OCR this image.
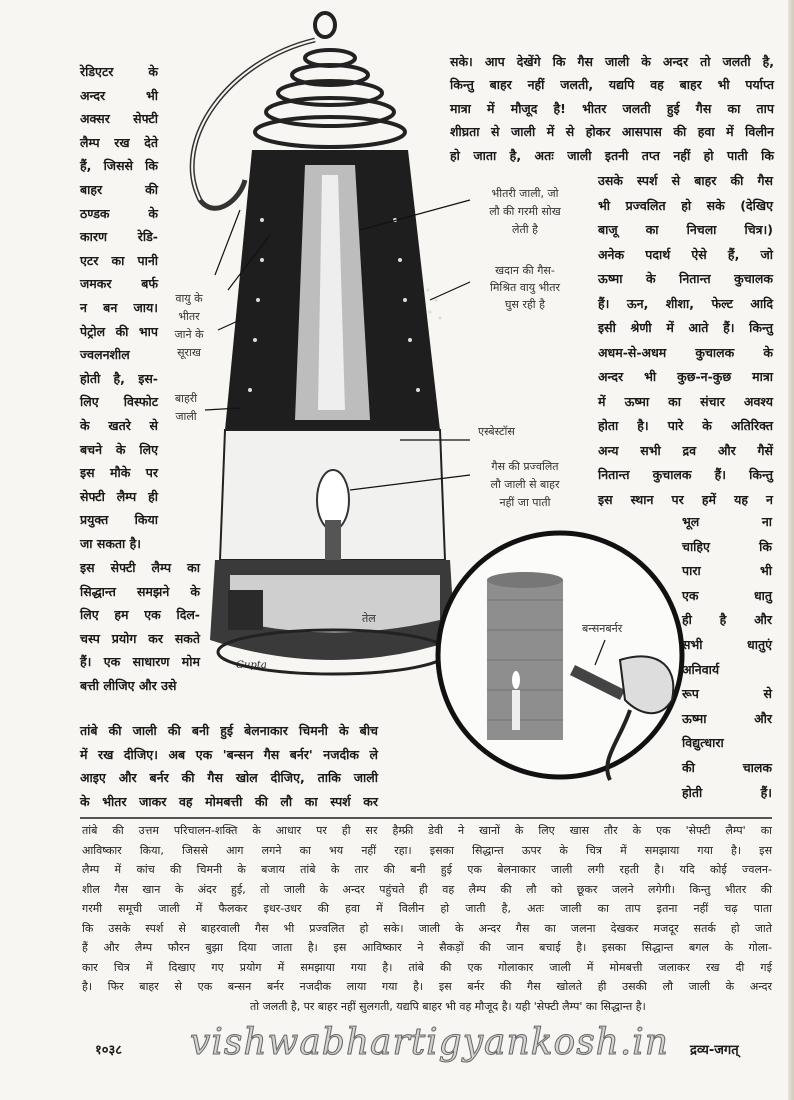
रेडिएटर के
अन्दर भी
अक्सर सेफ्टी
लैम्प रख देते
हैं, जिससे कि
बाहर की
ठण्डक के
कारण रेडि-
एटर का पानी
जमकर बर्फ
न बन जाय।
पेट्रोल की भाप
ज्वलनशील
होती है, इस-
लिए विस्फोट
के खतरे से
बचने के लिए
इस मौके पर
सेफ्टी लैम्प ही
प्रयुक्त किया
जा सकता है।
इस सेफ्टी लैम्प का
सिद्धान्त समझने के
लिए हम एक दिल-
चस्प प्रयोग कर सकते
हैं। एक साधारण मोम
बत्ती लीजिए और उसे
तांबे की जाली की बनी हुई बेलनाकार चिमनी के बीच
में रख दीजिए। अब एक 'बन्सन गैस बर्नर' नजदीक ले
आइए और बर्नर की गैस खोल दीजिए, ताकि जाली
के भीतर जाकर वह मोमबत्ती की लौ का स्पर्श कर
सके। आप देखेंगे कि गैस जाली के अन्दर तो जलती है,
किन्तु बाहर नहीं जलती, यद्यपि वह बाहर भी पर्याप्त
मात्रा में मौजूद है! भीतर जलती हुई गैस का ताप
शीघ्रता से जाली में से होकर आसपास की हवा में विलीन
हो जाता है, अतः जाली इतनी तप्त नहीं हो पाती कि
उसके स्पर्श से बाहर की गैस
भी प्रज्वलित हो सके (देखिए
बाजू का निचला चित्र।)
अनेक पदार्थ ऐसे हैं, जो
ऊष्मा के नितान्त कुचालक
हैं। ऊन, शीशा, फेल्ट आदि
इसी श्रेणी में आते हैं। किन्तु
अधम-से-अधम कुचालक के
अन्दर भी कुछ-न-कुछ मात्रा
में ऊष्मा का संचार अवश्य
होता है। पारे के अतिरिक्त
अन्य सभी द्रव और गैसें
नितान्त कुचालक हैं। किन्तु
इस स्थान पर हमें यह न
भूल ना
चाहिए कि
पारा भी
एक धातु
ही है और
सभी धातुएं
अनिवार्य
रूप से
ऊष्मा और
विद्युत्धारा
की चालक
होती हैं।
वायु के
भीतर
जाने के
सूराख
बाहरी
जाली
भीतरी जाली, जो
लौ की गरमी सोख
लेती है
खदान की गैस-
मिश्रित वायु भीतर
घुस रही है
एस्बेस्टॉस
गैस की प्रज्वलित
लौ जाली से बाहर
नहीं जा पाती
तेल
बन्सनबर्नर
तांबे की उत्तम परिचालन-शक्ति के आधार पर ही सर हैम्फ्री डेवी ने खानों के लिए खास तौर के एक 'सेफ्टी लैम्प' का
आविष्कार किया, जिससे आग लगने का भय नहीं रहा। इसका सिद्धान्त ऊपर के चित्र में समझाया गया है। इस
लैम्प में कांच की चिमनी के बजाय तांबे के तार की बनी हुई एक बेलनाकार जाली लगी रहती है। यदि कोई ज्वलन-
शील गैस खान के अंदर हुई, तो जाली के अन्दर पहुंचते ही वह लैम्प की लौ को छूकर जलने लगेगी। किन्तु भीतर की
गरमी समूची जाली में फैलकर इधर-उधर की हवा में विलीन हो जाती है, अतः जाली का ताप इतना नहीं चढ़ पाता
कि उसके स्पर्श से बाहरवाली गैस भी प्रज्वलित हो सके। जाली के अन्दर गैस का जलना देखकर मजदूर सतर्क हो जाते
हैं और लैम्प फौरन बुझा दिया जाता है। इस आविष्कार ने सैकड़ों की जान बचाई है। इसका सिद्धान्त बगल के गोला-
कार चित्र में दिखाए गए प्रयोग में समझाया गया है। तांबे की एक गोलाकार जाली में मोमबत्ती जलाकर रख दी गई
है। फिर बाहर से एक बन्सन बर्नर नजदीक लाया गया है। इस बर्नर की गैस खोलते ही उसकी लौ जाली के अन्दर
तो जलती है, पर बाहर नहीं सुलगती, यद्यपि बाहर भी वह मौजूद है। यही 'सेफ्टी लैम्प' का सिद्धान्त है।
Gupta
vishwabhartigyankosh.in
१०३८	द्रव्य-जगत्
